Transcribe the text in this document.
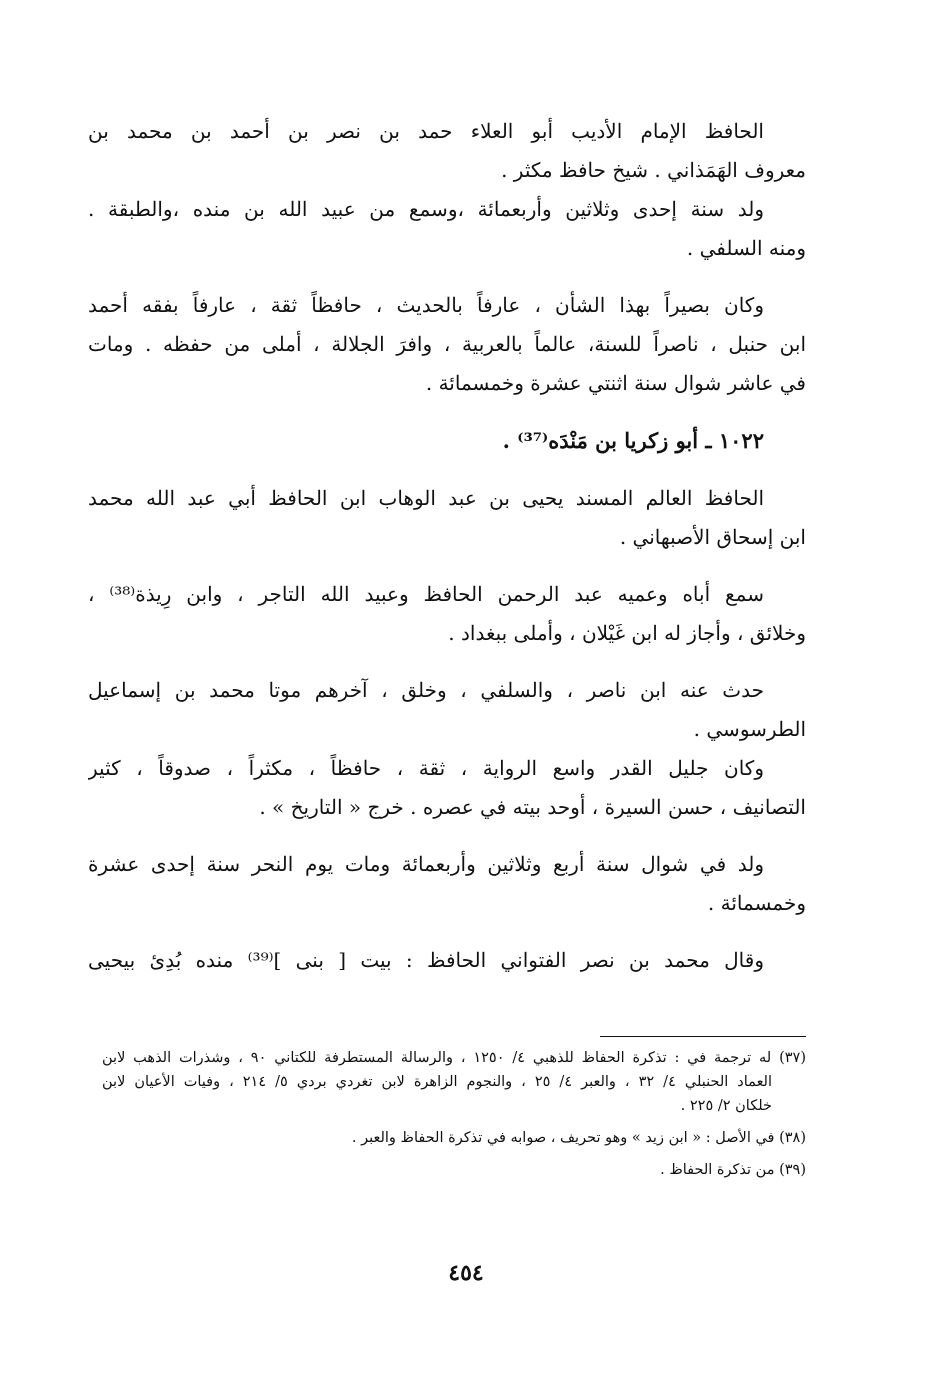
الحافظ الإمام الأديب أبو العلاء حمد بن نصر بن أحمد بن محمد بن
معروف الهَمَذاني . شيخ حافظ مكثر .
ولد سنة إحدى وثلاثين وأربعمائة ،وسمع من عبيد الله بن منده ،والطبقة .
ومنه السلفي .
وكان بصيراً بهذا الشأن ، عارفاً بالحديث ، حافظاً ثقة ، عارفاً بفقه أحمد
ابن حنبل ، ناصراً للسنة، عالماً بالعربية ، وافرَ الجلالة ، أملى من حفظه . ومات
في عاشر شوال سنة اثنتي عشرة وخمسمائة .
١٠٢٢ ـ أبو زكريا بن مَنْدَه⁽³⁷⁾ .
الحافظ العالم المسند يحيى بن عبد الوهاب ابن الحافظ أبي عبد الله محمد
ابن إسحاق الأصبهاني .
سمع أباه وعميه عبد الرحمن الحافظ وعبيد الله التاجر ، وابن رِيذة⁽³⁸⁾ ،
وخلائق ، وأجاز له ابن غَيْلان ، وأملى ببغداد .
حدث عنه ابن ناصر ، والسلفي ، وخلق ، آخرهم موتا محمد بن إسماعيل
الطرسوسي .
وكان جليل القدر واسع الرواية ، ثقة ، حافظاً ، مكثراً ، صدوقاً ، كثير
التصانيف ، حسن السيرة ، أوحد بيته في عصره . خرج « التاريخ » .
ولد في شوال سنة أربع وثلاثين وأربعمائة ومات يوم النحر سنة إحدى عشرة
وخمسمائة .
وقال محمد بن نصر الفتواني الحافظ : بيت [ بنى ]⁽³⁹⁾ منده بُدِئ بيحيى
(٣٧) له ترجمة في : تذكرة الحفاظ للذهبي ٤/ ١٢٥٠ ، والرسالة المستطرفة للكتاني ٩٠ ، وشذرات الذهب لابن
العماد الحنبلي ٤/ ٣٢ ، والعبر ٤/ ٢٥ ، والنجوم الزاهرة لابن تغردي بردي ٥/ ٢١٤ ، وفيات الأعيان لابن
خلكان ٢/ ٢٢٥ .
(٣٨) في الأصل : « ابن زيد » وهو تحريف ، صوابه في تذكرة الحفاظ والعبر .
(٣٩) من تذكرة الحفاظ .
٤٥٤
